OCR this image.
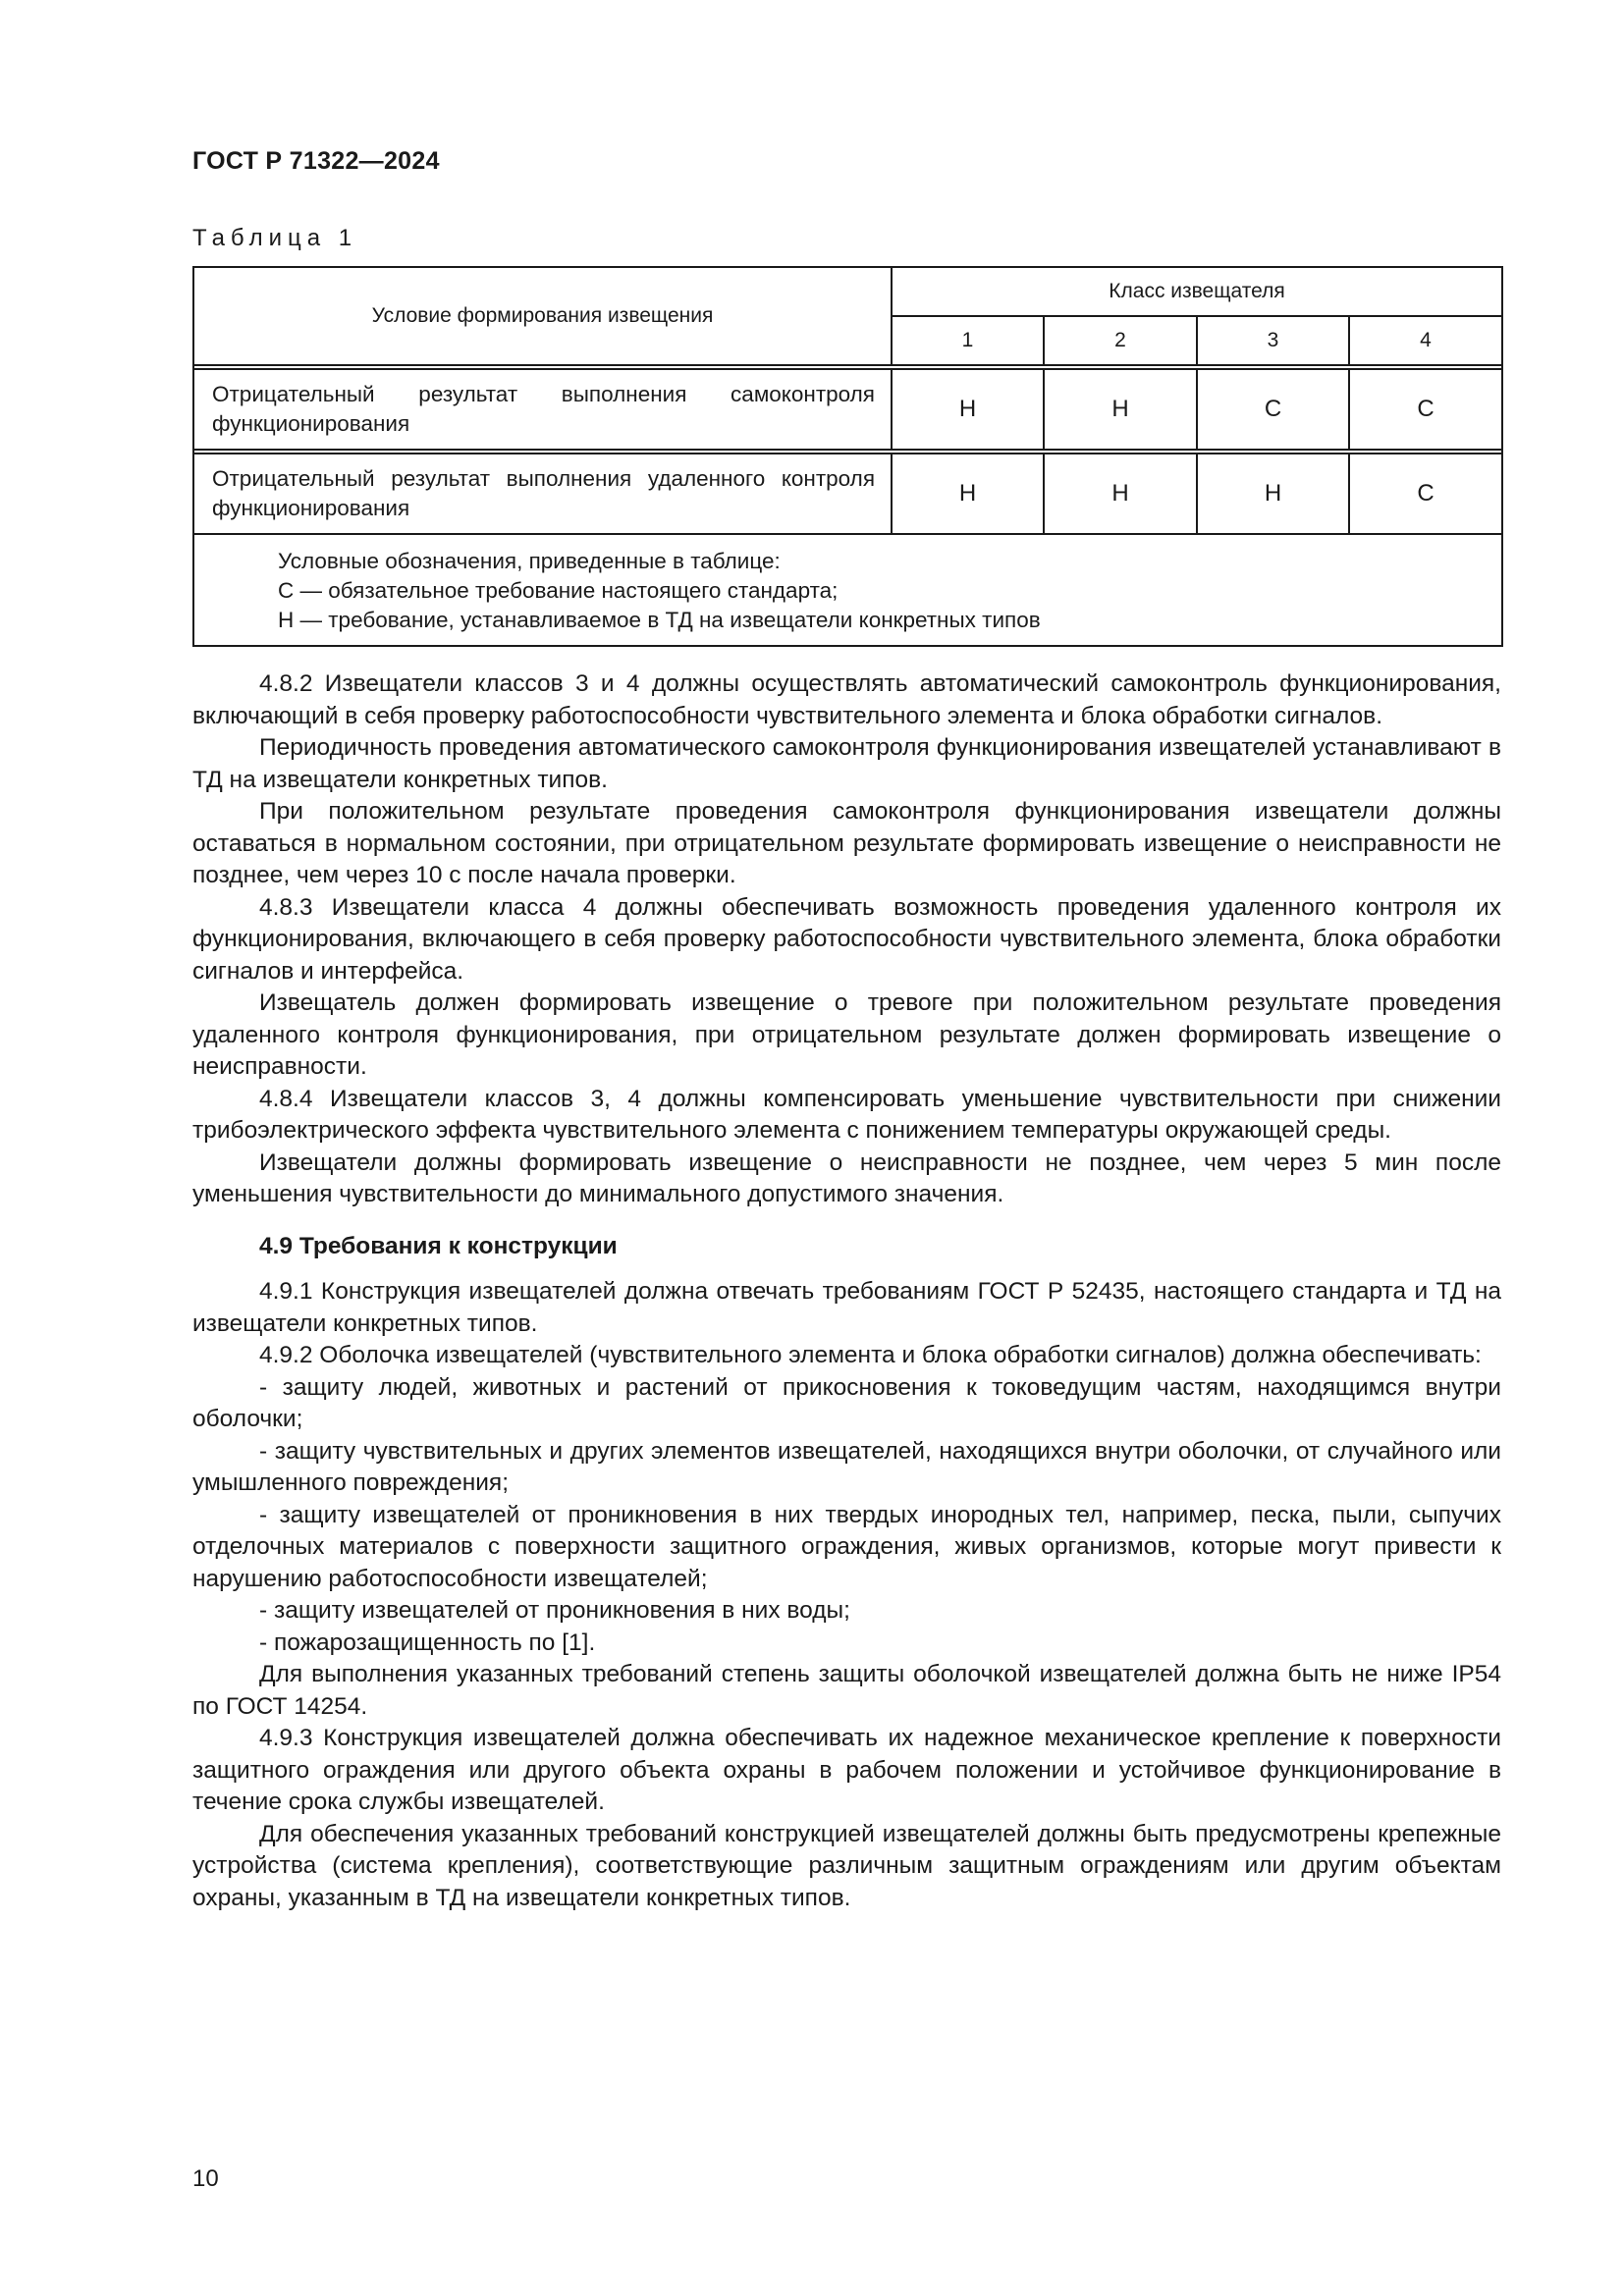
ГОСТ Р 71322—2024
Таблица 1
Условие формирования извещения	Класс извещателя			
	1	2	3	4

Отрицательный результат выполнения самоконтроля функционирования	Н	Н	С	С

Отрицательный результат выполнения удаленного контроля функционирования	Н	Н	Н	С

Условные обозначения, приведенные в таблице:
С — обязательное требование настоящего стандарта;
Н — требование, устанавливаемое в ТД на извещатели конкретных типов				

4.8.2 Извещатели классов 3 и 4 должны осуществлять автоматический самоконтроль функционирования, включающий в себя проверку работоспособности чувствительного элемента и блока обработки сигналов.

Периодичность проведения автоматического самоконтроля функционирования извещателей устанавливают в ТД на извещатели конкретных типов.

При положительном результате проведения самоконтроля функционирования извещатели должны оставаться в нормальном состоянии, при отрицательном результате формировать извещение о неисправности не позднее, чем через 10 с после начала проверки.

4.8.3 Извещатели класса 4 должны обеспечивать возможность проведения удаленного контроля их функционирования, включающего в себя проверку работоспособности чувствительного элемента, блока обработки сигналов и интерфейса.

Извещатель должен формировать извещение о тревоге при положительном результате проведения удаленного контроля функционирования, при отрицательном результате должен формировать извещение о неисправности.

4.8.4 Извещатели классов 3, 4 должны компенсировать уменьшение чувствительности при снижении трибоэлектрического эффекта чувствительного элемента с понижением температуры окружающей среды.

Извещатели должны формировать извещение о неисправности не позднее, чем через 5 мин после уменьшения чувствительности до минимального допустимого значения.

4.9 Требования к конструкции

4.9.1 Конструкция извещателей должна отвечать требованиям ГОСТ Р 52435, настоящего стандарта и ТД на извещатели конкретных типов.

4.9.2 Оболочка извещателей (чувствительного элемента и блока обработки сигналов) должна обеспечивать:

- защиту людей, животных и растений от прикосновения к токоведущим частям, находящимся внутри оболочки;

- защиту чувствительных и других элементов извещателей, находящихся внутри оболочки, от случайного или умышленного повреждения;

- защиту извещателей от проникновения в них твердых инородных тел, например, песка, пыли, сыпучих отделочных материалов с поверхности защитного ограждения, живых организмов, которые могут привести к нарушению работоспособности извещателей;

- защиту извещателей от проникновения в них воды;

- пожарозащищенность по [1].

Для выполнения указанных требований степень защиты оболочкой извещателей должна быть не ниже IP54 по ГОСТ 14254.

4.9.3 Конструкция извещателей должна обеспечивать их надежное механическое крепление к поверхности защитного ограждения или другого объекта охраны в рабочем положении и устойчивое функционирование в течение срока службы извещателей.

Для обеспечения указанных требований конструкцией извещателей должны быть предусмотрены крепежные устройства (система крепления), соответствующие различным защитным ограждениям или другим объектам охраны, указанным в ТД на извещатели конкретных типов.

10
